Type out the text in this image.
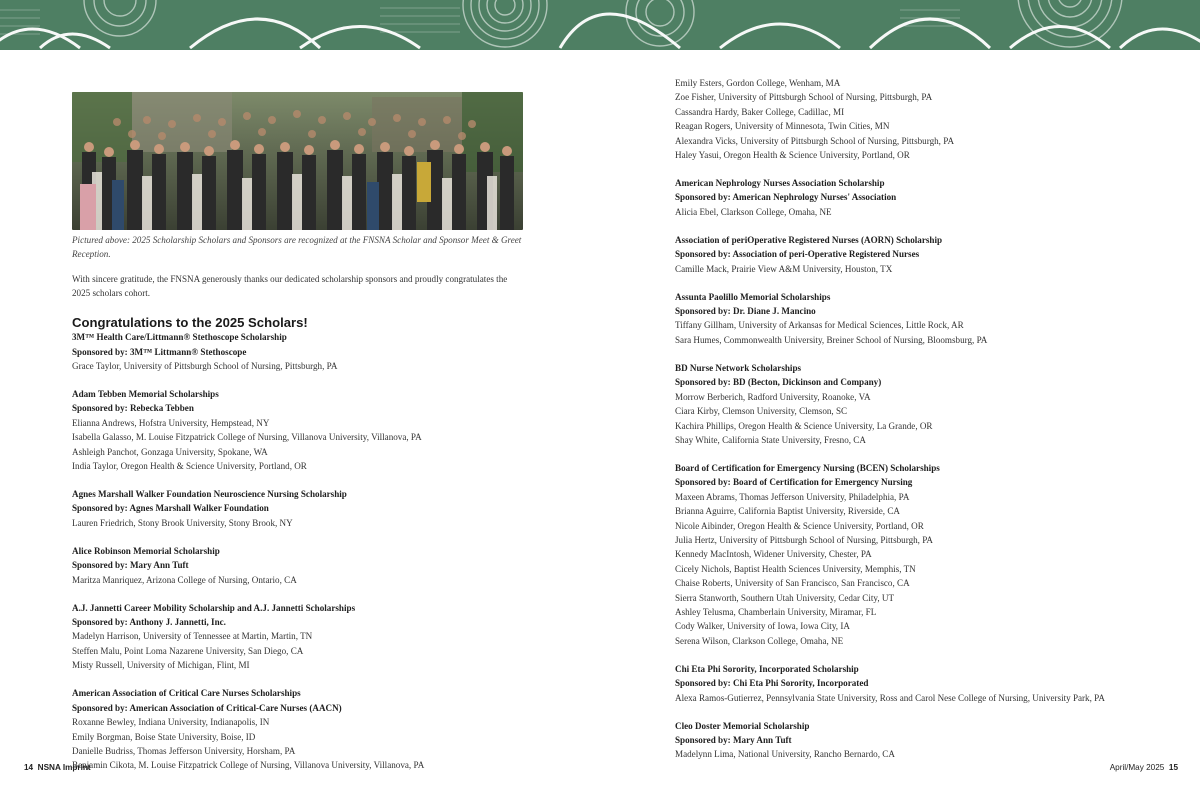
Pictured above: 2025 Scholarship Scholars and Sponsors are recognized at the FNSNA Scholar and Sponsor Meet & Greet Reception.
With sincere gratitude, the FNSNA generously thanks our dedicated scholarship sponsors and proudly congratulates the 2025 scholars cohort.
Congratulations to the 2025 Scholars!
3M™ Health Care/Littmann® Stethoscope Scholarship
Sponsored by: 3M™ Littmann® Stethoscope
Grace Taylor, University of Pittsburgh School of Nursing, Pittsburgh, PA
Adam Tebben Memorial Scholarships
Sponsored by: Rebecka Tebben
Elianna Andrews, Hofstra University, Hempstead, NY
Isabella Galasso, M. Louise Fitzpatrick College of Nursing, Villanova University, Villanova, PA
Ashleigh Panchot, Gonzaga University, Spokane, WA
India Taylor, Oregon Health & Science University, Portland, OR
Agnes Marshall Walker Foundation Neuroscience Nursing Scholarship
Sponsored by: Agnes Marshall Walker Foundation
Lauren Friedrich, Stony Brook University, Stony Brook, NY
Alice Robinson Memorial Scholarship
Sponsored by: Mary Ann Tuft
Maritza Manriquez, Arizona College of Nursing, Ontario, CA
A.J. Jannetti Career Mobility Scholarship and A.J. Jannetti Scholarships
Sponsored by: Anthony J. Jannetti, Inc.
Madelyn Harrison, University of Tennessee at Martin, Martin, TN
Steffen Malu, Point Loma Nazarene University, San Diego, CA
Misty Russell, University of Michigan, Flint, MI
American Association of Critical Care Nurses Scholarships
Sponsored by: American Association of Critical-Care Nurses (AACN)
Roxanne Bewley, Indiana University, Indianapolis, IN
Emily Borgman, Boise State University, Boise, ID
Danielle Budriss, Thomas Jefferson University, Horsham, PA
Benjamin Cikota, M. Louise Fitzpatrick College of Nursing, Villanova University, Villanova, PA
Emily Esters, Gordon College, Wenham, MA
Zoe Fisher, University of Pittsburgh School of Nursing, Pittsburgh, PA
Cassandra Hardy, Baker College, Cadillac, MI
Reagan Rogers, University of Minnesota, Twin Cities, MN
Alexandra Vicks, University of Pittsburgh School of Nursing, Pittsburgh, PA
Haley Yasui, Oregon Health & Science University, Portland, OR
American Nephrology Nurses Association Scholarship
Sponsored by: American Nephrology Nurses' Association
Alicia Ebel, Clarkson College, Omaha, NE
Association of periOperative Registered Nurses (AORN) Scholarship
Sponsored by: Association of peri-Operative Registered Nurses
Camille Mack, Prairie View A&M University, Houston, TX
Assunta Paolillo Memorial Scholarships
Sponsored by: Dr. Diane J. Mancino
Tiffany Gillham, University of Arkansas for Medical Sciences, Little Rock, AR
Sara Humes, Commonwealth University, Breiner School of Nursing, Bloomsburg, PA
BD Nurse Network Scholarships
Sponsored by: BD (Becton, Dickinson and Company)
Morrow Berberich, Radford University, Roanoke, VA
Ciara Kirby, Clemson University, Clemson, SC
Kachira Phillips, Oregon Health & Science University, La Grande, OR
Shay White, California State University, Fresno, CA
Board of Certification for Emergency Nursing (BCEN) Scholarships
Sponsored by: Board of Certification for Emergency Nursing
Maxeen Abrams, Thomas Jefferson University, Philadelphia, PA
Brianna Aguirre, California Baptist University, Riverside, CA
Nicole Aibinder, Oregon Health & Science University, Portland, OR
Julia Hertz, University of Pittsburgh School of Nursing, Pittsburgh, PA
Kennedy MacIntosh, Widener University, Chester, PA
Cicely Nichols, Baptist Health Sciences University, Memphis, TN
Chaise Roberts, University of San Francisco, San Francisco, CA
Sierra Stanworth, Southern Utah University, Cedar City, UT
Ashley Telusma, Chamberlain University, Miramar, FL
Cody Walker, University of Iowa, Iowa City, IA
Serena Wilson, Clarkson College, Omaha, NE
Chi Eta Phi Sorority, Incorporated Scholarship
Sponsored by: Chi Eta Phi Sorority, Incorporated
Alexa Ramos-Gutierrez, Pennsylvania State University, Ross and Carol Nese College of Nursing, University Park, PA
Cleo Doster Memorial Scholarship
Sponsored by: Mary Ann Tuft
Madelynn Lima, National University, Rancho Bernardo, CA
14 NSNA Imprint	April/May 2025 15
